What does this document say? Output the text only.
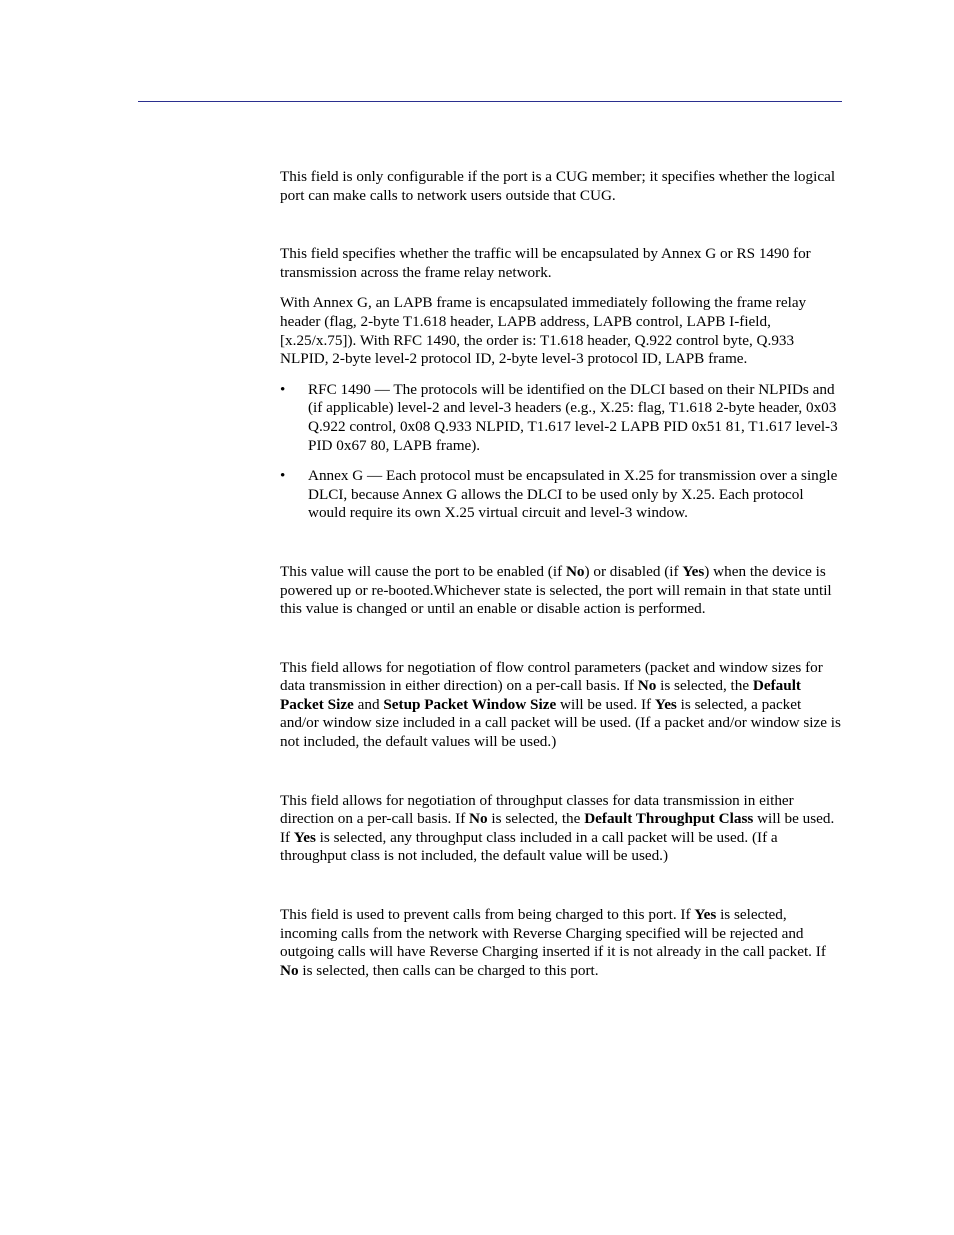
This field is only configurable if the port is a CUG member; it specifies whether the logical port can make calls to network users outside that CUG.

This field specifies whether the traffic will be encapsulated by Annex G or RS 1490 for transmission across the frame relay network.

With Annex G, an LAPB frame is encapsulated immediately following the frame relay header (flag, 2-byte T1.618 header, LAPB address, LAPB control, LAPB I-field, [x.25/x.75]). With RFC 1490, the order is: T1.618 header, Q.922 control byte, Q.933 NLPID, 2-byte level-2 protocol ID, 2-byte level-3 protocol ID, LAPB frame.

• RFC 1490 — The protocols will be identified on the DLCI based on their NLPIDs and (if applicable) level-2 and level-3 headers (e.g., X.25: flag, T1.618 2-byte header, 0x03 Q.922 control, 0x08 Q.933 NLPID, T1.617 level-2 LAPB PID 0x51 81, T1.617 level-3 PID 0x67 80, LAPB frame).
• Annex G — Each protocol must be encapsulated in X.25 for transmission over a single DLCI, because Annex G allows the DLCI to be used only by X.25. Each protocol would require its own X.25 virtual circuit and level-3 window.

This value will cause the port to be enabled (if No) or disabled (if Yes) when the device is powered up or re-booted.Whichever state is selected, the port will remain in that state until this value is changed or until an enable or disable action is performed.

This field allows for negotiation of flow control parameters (packet and window sizes for data transmission in either direction) on a per-call basis. If No is selected, the Default Packet Size and Setup Packet Window Size will be used. If Yes is selected, a packet and/or window size included in a call packet will be used. (If a packet and/or window size is not included, the default values will be used.)

This field allows for negotiation of throughput classes for data transmission in either direction on a per-call basis. If No is selected, the Default Throughput Class will be used. If Yes is selected, any throughput class included in a call packet will be used. (If a throughput class is not included, the default value will be used.)

This field is used to prevent calls from being charged to this port. If Yes is selected, incoming calls from the network with Reverse Charging specified will be rejected and outgoing calls will have Reverse Charging inserted if it is not already in the call packet. If No is selected, then calls can be charged to this port.
